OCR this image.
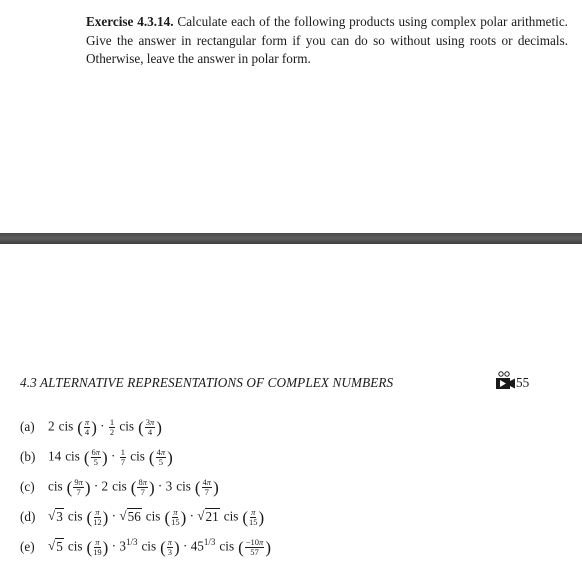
Exercise 4.3.14. Calculate each of the following products using complex polar arithmetic. Give the answer in rectangular form if you can do so without using roots or decimals. Otherwise, leave the answer in polar form.
4.3 ALTERNATIVE REPRESENTATIONS OF COMPLEX NUMBERS	55
(a)	2 cis ( $\frac{\pi}{4}$ ) · $\frac{1}{2}$ cis ( $\frac{3\pi}{4}$ )
(b) 14 cis ( $\frac{6\pi}{5}$ ) · $\frac{1}{7}$ cis ( $\frac{4\pi}{5}$ )
(c)	cis ( $\frac{9\pi}{7}$ ) · 2 cis ( $\frac{8\pi}{7}$ ) · 3 cis ( $\frac{4\pi}{7}$ )
(d) √ 3 cis ( $\frac{\pi}{12}$ ) · √ 56 cis ( $\frac{\pi}{15}$ ) · √ 21 cis ( $\frac{\pi}{15}$ )
(e)	√ 5 cis ( $\frac{\pi}{19}$ ) · $3^{1/3}$ cis ( $\frac{\pi}{3}$ ) · $45^{1/3}$ cis ( $\frac{-10\pi}{57}$ )
